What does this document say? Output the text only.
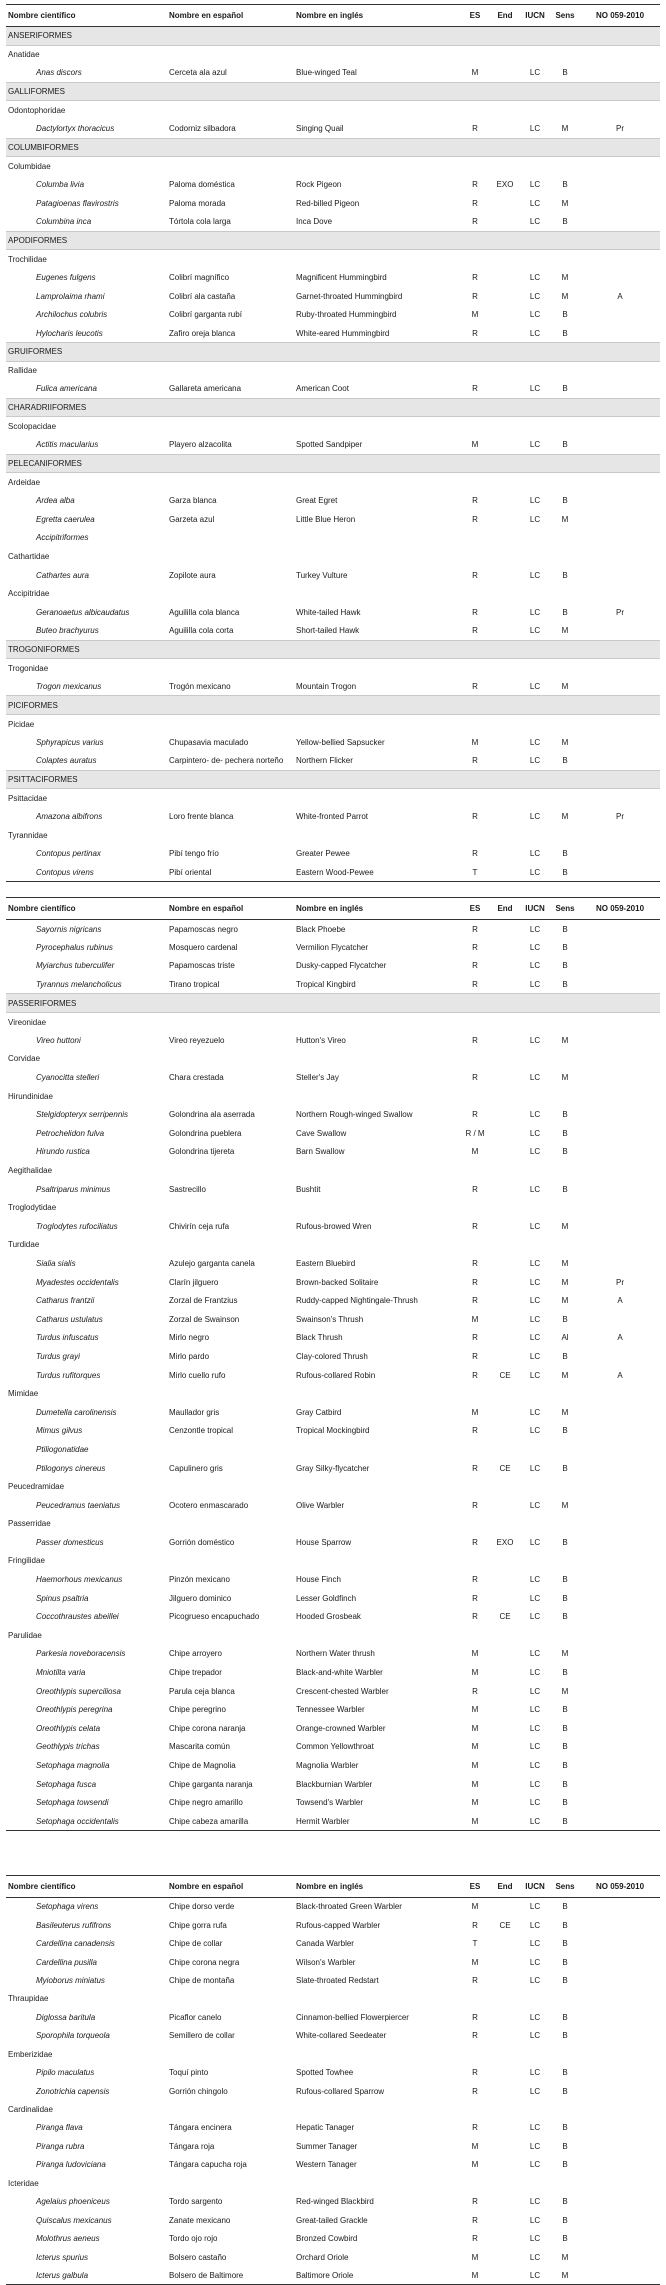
Nombre científico	Nombre en español	Nombre en inglés	ES	End	IUCN	Sens	NO 059-2010
ANSERIFORMES							
Anatidae							
Anas discors	Cerceta ala azul	Blue-winged Teal	M		LC	B	
GALLIFORMES							
Odontophoridae							
Dactylortyx thoracicus	Codorniz silbadora	Singing Quail	R		LC	M	Pr
COLUMBIFORMES							
Columbidae							
Columba livia	Paloma doméstica	Rock Pigeon	R	EXO	LC	B	
Patagioenas flavirostris	Paloma morada	Red-billed Pigeon	R		LC	M	
Columbina inca	Tórtola cola larga	Inca Dove	R		LC	B	
APODIFORMES							
Trochilidae							
Eugenes fulgens	Colibrí magnífico	Magnificent Hummingbird	R		LC	M	
Lamprolaima rhami	Colibrí ala castaña	Garnet-throated Hummingbird	R		LC	M	A
Archilochus colubris	Colibrí garganta rubí	Ruby-throated Hummingbird	M		LC	B	
Hylocharis leucotis	Zafiro oreja blanca	White-eared Hummingbird	R		LC	B	
GRUIFORMES							
Rallidae							
Fulica americana	Gallareta americana	American Coot	R		LC	B	
CHARADRIIFORMES							
Scolopacidae							
Actitis macularius	Playero alzacolita	Spotted Sandpiper	M		LC	B	
PELECANIFORMES							
Ardeidae							
Ardea alba	Garza blanca	Great Egret	R		LC	B	
Egretta caerulea	Garzeta azul	Little Blue Heron	R		LC	M	
Accipitriformes							
Cathartidae							
Cathartes aura	Zopilote aura	Turkey Vulture	R		LC	B	
Accipitridae							
Geranoaetus albicaudatus	Aguililla cola blanca	White-tailed Hawk	R		LC	B	Pr
Buteo brachyurus	Aguililla cola corta	Short-tailed Hawk	R		LC	M	
TROGONIFORMES							
Trogonidae							
Trogon mexicanus	Trogón mexicano	Mountain Trogon	R		LC	M	
PICIFORMES							
Picidae							
Sphyrapicus varius	Chupasavia maculado	Yellow-bellied Sapsucker	M		LC	M	
Colaptes auratus	Carpintero- de- pechera norteño	Northern Flicker	R		LC	B	
PSITTACIFORMES							
Psittacidae							
Amazona albifrons	Loro frente blanca	White-fronted Parrot	R		LC	M	Pr
Tyrannidae							
Contopus pertinax	Pibí tengo frío	Greater Pewee	R		LC	B	
Contopus virens	Pibí oriental	Eastern Wood-Pewee	T		LC	B	
Nombre científico	Nombre en español	Nombre en inglés	ES	End	IUCN	Sens	NO 059-2010
Sayornis nigricans	Papamoscas negro	Black Phoebe	R		LC	B	
Pyrocephalus rubinus	Mosquero cardenal	Vermilion Flycatcher	R		LC	B	
Myiarchus tuberculifer	Papamoscas triste	Dusky-capped Flycatcher	R		LC	B	
Tyrannus melancholicus	Tirano tropical	Tropical Kingbird	R		LC	B	
PASSERIFORMES							
Vireonidae							
Vireo huttoni	Vireo reyezuelo	Hutton's Vireo	R		LC	M	
Corvidae							
Cyanocitta stelleri	Chara crestada	Steller's Jay	R		LC	M	
Hirundinidae							
Stelgidopteryx serripennis	Golondrina ala aserrada	Northern Rough-winged Swallow	R		LC	B	
Petrochelidon fulva	Golondrina pueblera	Cave Swallow	R / M		LC	B	
Hirundo rustica	Golondrina tijereta	Barn Swallow	M		LC	B	
Aegithalidae							
Psaltriparus minimus	Sastrecillo	Bushtit	R		LC	B	
Troglodytidae							
Troglodytes rufociliatus	Chivirín ceja rufa	Rufous-browed Wren	R		LC	M	
Turdidae							
Sialia sialis	Azulejo garganta canela	Eastern Bluebird	R		LC	M	
Myadestes occidentalis	Clarín jilguero	Brown-backed Solitaire	R		LC	M	Pr
Catharus frantzii	Zorzal de Frantzius	Ruddy-capped Nightingale-Thrush	R		LC	M	A
Catharus ustulatus	Zorzal de Swainson	Swainson's Thrush	M		LC	B	
Turdus infuscatus	Mirlo negro	Black Thrush	R		LC	Al	A
Turdus grayi	Mirlo pardo	Clay-colored Thrush	R		LC	B	
Turdus rufitorques	Mirlo cuello rufo	Rufous-collared Robin	R	CE	LC	M	A
Mimidae							
Dumetella carolinensis	Maullador gris	Gray Catbird	M		LC	M	
Mimus gilvus	Cenzontle tropical	Tropical Mockingbird	R		LC	B	
Ptiliogonatidae							
Ptilogonys cinereus	Capulinero gris	Gray Silky-flycatcher	R	CE	LC	B	
Peucedramidae							
Peucedramus taeniatus	Ocotero enmascarado	Olive Warbler	R		LC	M	
Passerridae							
Passer domesticus	Gorrión doméstico	House Sparrow	R	EXO	LC	B	
Fringilidae							
Haemorhous mexicanus	Pinzón mexicano	House Finch	R		LC	B	
Spinus psaltria	Jilguero dominico	Lesser Goldfinch	R		LC	B	
Coccothraustes abeillei	Picogrueso encapuchado	Hooded Grosbeak	R	CE	LC	B	
Parulidae							
Parkesia noveboracensis	Chipe arroyero	Northern Water thrush	M		LC	M	
Mniotilta varia	Chipe trepador	Black-and-white Warbler	M		LC	B	
Oreothlypis superciliosa	Parula ceja blanca	Crescent-chested Warbler	R		LC	M	
Oreothlypis peregrina	Chipe peregrino	Tennessee Warbler	M		LC	B	
Oreothlypis celata	Chipe corona naranja	Orange-crowned Warbler	M		LC	B	
Geothlypis trichas	Mascarita común	Common Yellowthroat	M		LC	B	
Setophaga magnolia	Chipe de Magnolia	Magnolia Warbler	M		LC	B	
Setophaga fusca	Chipe garganta naranja	Blackburnian Warbler	M		LC	B	
Setophaga towsendi	Chipe negro amarillo	Towsend's Warbler	M		LC	B	
Setophaga occidentalis	Chipe cabeza amarilla	Hermit Warbler	M		LC	B	
Nombre científico	Nombre en español	Nombre en inglés	ES	End	IUCN	Sens	NO 059-2010
Setophaga virens	Chipe dorso verde	Black-throated Green Warbler	M		LC	B	
Basileuterus rufifrons	Chipe gorra rufa	Rufous-capped Warbler	R	CE	LC	B	
Cardellina canadensis	Chipe de collar	Canada Warbler	T		LC	B	
Cardellina pusilla	Chipe corona negra	Wilson's Warbler	M		LC	B	
Myioborus miniatus	Chipe de montaña	Slate-throated Redstart	R		LC	B	
Thraupidae							
Diglossa baritula	Picaflor canelo	Cinnamon-bellied Flowerpiercer	R		LC	B	
Sporophila torqueola	Semillero de collar	White-collared Seedeater	R		LC	B	
Emberizidae							
Pipilo maculatus	Toquí pinto	Spotted Towhee	R		LC	B	
Zonotrichia capensis	Gorrión chingolo	Rufous-collared Sparrow	R		LC	B	
Cardinalidae							
Piranga flava	Tángara encinera	Hepatic Tanager	R		LC	B	
Piranga rubra	Tángara roja	Summer Tanager	M		LC	B	
Piranga ludoviciana	Tángara capucha roja	Western Tanager	M		LC	B	
Icteridae							
Agelaius phoeniceus	Tordo sargento	Red-winged Blackbird	R		LC	B	
Quiscalus mexicanus	Zanate mexicano	Great-tailed Grackle	R		LC	B	
Molothrus aeneus	Tordo ojo rojo	Bronzed Cowbird	R		LC	B	
Icterus spurius	Bolsero castaño	Orchard Oriole	M		LC	M	
Icterus galbula	Bolsero de Baltimore	Baltimore Oriole	M		LC	M	
